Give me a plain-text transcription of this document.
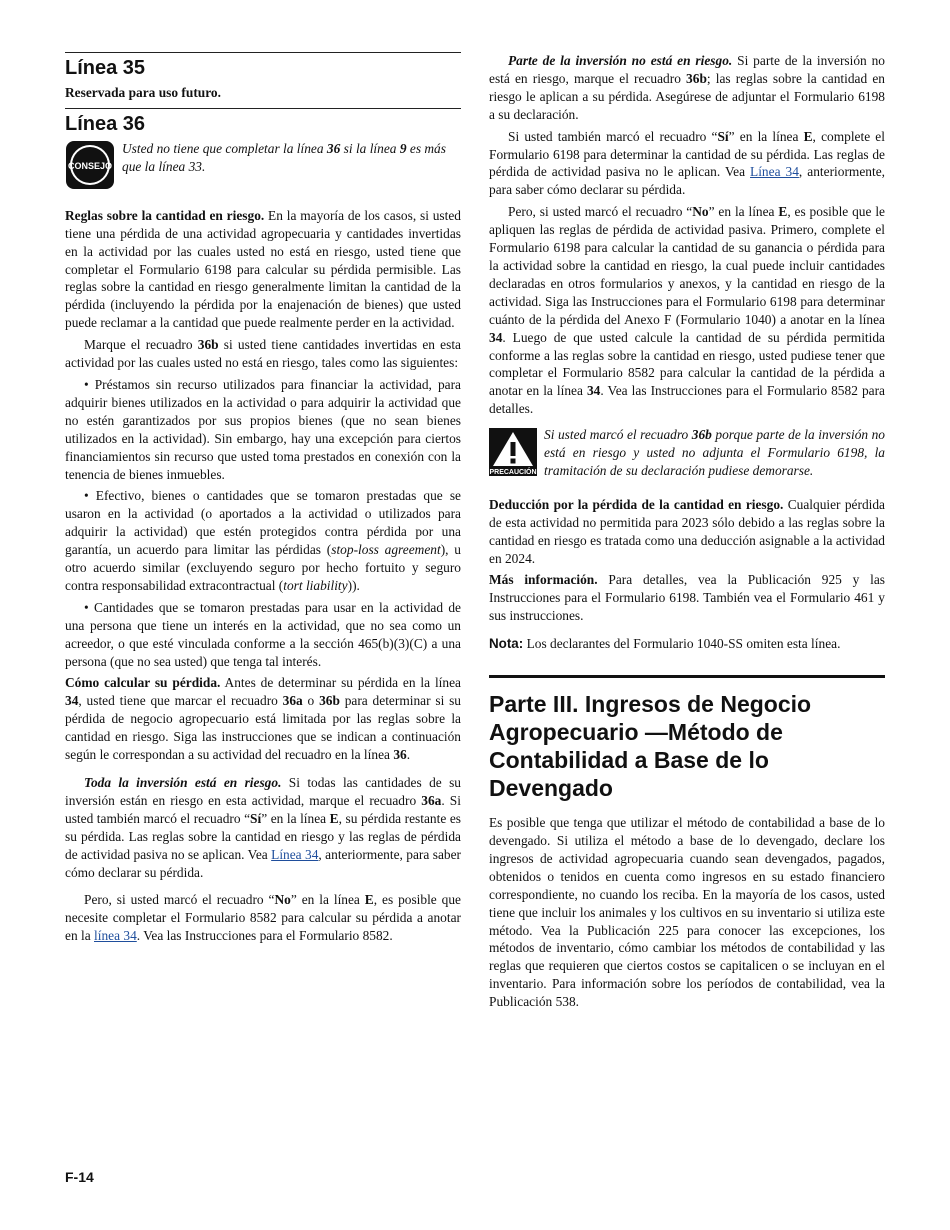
Línea 35
Reservada para uso futuro.
Línea 36
CONSEJO
Usted no tiene que completar la línea 36 si la línea 9 es más que la línea 33.

Reglas sobre la cantidad en riesgo. En la mayoría de los casos, si usted tiene una pérdida de una actividad agropecuaria y cantidades invertidas en la actividad por las cuales usted no está en riesgo, usted tiene que completar el Formulario 6198 para calcular su pérdida permisible. Las reglas sobre la cantidad en riesgo generalmente limitan la cantidad de la pérdida (incluyendo la pérdida por la enajenación de bienes) que usted puede reclamar a la cantidad que puede realmente perder en la actividad.

Marque el recuadro 36b si usted tiene cantidades invertidas en esta actividad por las cuales usted no está en riesgo, tales como las siguientes:

• Préstamos sin recurso utilizados para financiar la actividad, para adquirir bienes utilizados en la actividad o para adquirir la actividad que no estén garantizados por sus propios bienes (que no sean bienes utilizados en la actividad). Sin embargo, hay una excepción para ciertos financiamientos sin recurso que usted toma prestados en conexión con la tenencia de bienes inmuebles.

• Efectivo, bienes o cantidades que se tomaron prestadas que se usaron en la actividad (o aportados a la actividad o utilizados para adquirir la actividad) que estén protegidos contra pérdida por una garantía, un acuerdo para limitar las pérdidas (stop-loss agreement), u otro acuerdo similar (excluyendo seguro por hecho fortuito y seguro contra responsabilidad extracontractual (tort liability)).

• Cantidades que se tomaron prestadas para usar en la actividad de una persona que tiene un interés en la actividad, que no sea como un acreedor, o que esté vinculada conforme a la sección 465(b)(3)(C) a una persona (que no sea usted) que tenga tal interés.

Cómo calcular su pérdida. Antes de determinar su pérdida en la línea 34, usted tiene que marcar el recuadro 36a o 36b para determinar si su pérdida de negocio agropecuario está limitada por las reglas sobre la cantidad en riesgo. Siga las instrucciones que se indican a continuación según le correspondan a su actividad del recuadro en la línea 36.

Toda la inversión está en riesgo. Si todas las cantidades de su inversión están en riesgo en esta actividad, marque el recuadro 36a. Si usted también marcó el recuadro “Sí” en la línea E, su pérdida restante es su pérdida. Las reglas sobre la cantidad en riesgo y las reglas de pérdida de actividad pasiva no se aplican. Vea Línea 34, anteriormente, para saber cómo declarar su pérdida.

Pero, si usted marcó el recuadro “No” en la línea E, es posible que necesite completar el Formulario 8582 para calcular su pérdida a anotar en la línea 34. Vea las Instrucciones para el Formulario 8582.

Parte de la inversión no está en riesgo. Si parte de la inversión no está en riesgo, marque el recuadro 36b; las reglas sobre la cantidad en riesgo le aplican a su pérdida. Asegúrese de adjuntar el Formulario 6198 a su declaración.

Si usted también marcó el recuadro “Sí” en la línea E, complete el Formulario 6198 para determinar la cantidad de su pérdida. Las reglas de pérdida de actividad pasiva no le aplican. Vea Línea 34, anteriormente, para saber cómo declarar su pérdida.

Pero, si usted marcó el recuadro “No” en la línea E, es posible que le apliquen las reglas de pérdida de actividad pasiva. Primero, complete el Formulario 6198 para calcular la cantidad de su ganancia o pérdida para la actividad sobre la cantidad en riesgo, la cual puede incluir cantidades declaradas en otros formularios y anexos, y la cantidad en riesgo de la actividad. Siga las Instrucciones para el Formulario 6198 para determinar cuánto de la pérdida del Anexo F (Formulario 1040) a anotar en la línea 34. Luego de que usted calcule la cantidad de su pérdida permitida conforme a las reglas sobre la cantidad en riesgo, usted pudiese tener que completar el Formulario 8582 para calcular la cantidad de la pérdida a anotar en la línea 34. Vea las Instrucciones para el Formulario 8582 para detalles.

PRECAUCIÓN

Si usted marcó el recuadro 36b porque parte de la inversión no está en riesgo y usted no adjunta el Formulario 6198, la tramitación de su declaración pudiese demorarse.

Deducción por la pérdida de la cantidad en riesgo. Cualquier pérdida de esta actividad no permitida para 2023 sólo debido a las reglas sobre la cantidad en riesgo es tratada como una deducción asignable a la actividad en 2024.

Más información. Para detalles, vea la Publicación 925 y las Instrucciones para el Formulario 6198. También vea el Formulario 461 y sus instrucciones.

Nota: Los declarantes del Formulario 1040-SS omiten esta línea.

Parte III. Ingresos de Negocio Agropecuario —Método de Contabilidad a Base de lo Devengado

Es posible que tenga que utilizar el método de contabilidad a base de lo devengado. Si utiliza el método a base de lo devengado, declare los ingresos de actividad agropecuaria cuando sean devengados, pagados, obtenidos o tenidos en cuenta como ingresos en su estado financiero correspondiente, no cuando los reciba. En la mayoría de los casos, usted tiene que incluir los animales y los cultivos en su inventario si utiliza este método. Vea la Publicación 225 para conocer las excepciones, los métodos de inventario, cómo cambiar los métodos de contabilidad y las reglas que requieren que ciertos costos se capitalicen o se incluyan en el inventario. Para información sobre los períodos de contabilidad, vea la Publicación 538.

F-14
